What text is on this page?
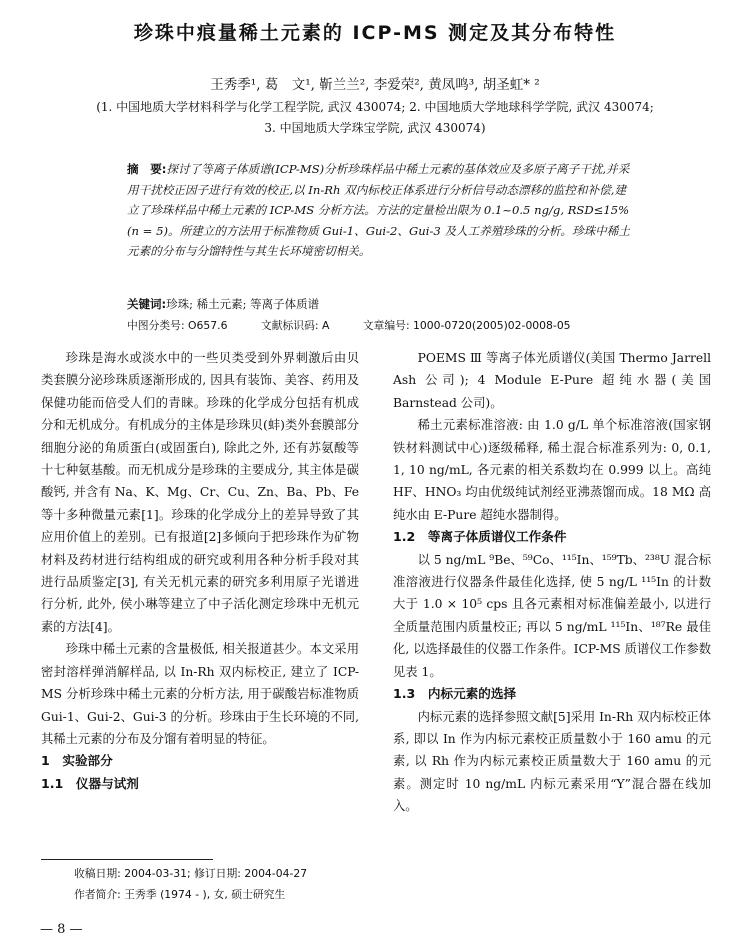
珍珠中痕量稀土元素的 ICP-MS 测定及其分布特性
王秀季¹, 葛　文¹, 靳兰兰², 李爱荣², 黄凤鸣³, 胡圣虹* ²
(1. 中国地质大学材料科学与化学工程学院, 武汉 430074; 2. 中国地质大学地球科学学院, 武汉 430074;
3. 中国地质大学珠宝学院, 武汉 430074)
摘　要:探讨了等离子体质谱(ICP-MS)分析珍珠样品中稀土元素的基体效应及多原子离子干扰,并采用干扰校正因子进行有效的校正,以 In-Rh 双内标校正体系进行分析信号动态漂移的监控和补偿,建立了珍珠样品中稀土元素的 ICP-MS 分析方法。方法的定量检出限为 0.1~0.5 ng/g, RSD≤15% (n = 5)。所建立的方法用于标准物质 Gui-1、Gui-2、Gui-3 及人工养殖珍珠的分析。珍珠中稀土元素的分布与分馏特性与其生长环境密切相关。
关键词:珍珠; 稀土元素; 等离子体质谱
中图分类号: O657.6	文献标识码: A	文章编号: 1000-0720(2005)02-0008-05

珍珠是海水或淡水中的一些贝类受到外界刺激后由贝类套膜分泌珍珠质逐渐形成的, 因具有装饰、美容、药用及保健功能而倍受人们的青睐。珍珠的化学成分包括有机成分和无机成分。有机成分的主体是珍珠贝(蚌)类外套膜部分细胞分泌的角质蛋白(或固蛋白), 除此之外, 还有苏氨酸等十七种氨基酸。而无机成分是珍珠的主要成分, 其主体是碳酸钙, 并含有 Na、K、Mg、Cr、Cu、Zn、Ba、Pb、Fe 等十多种微量元素[1]。珍珠的化学成分上的差异导致了其应用价值上的差别。已有报道[2]多倾向于把珍珠作为矿物材料及药材进行结构组成的研究或利用各种分析手段对其进行品质鉴定[3], 有关无机元素的研究多利用原子光谱进行分析, 此外, 侯小琳等建立了中子活化测定珍珠中无机元素的方法[4]。

珍珠中稀土元素的含量极低, 相关报道甚少。本文采用密封溶样弹消解样品, 以 In-Rh 双内标校正, 建立了 ICP-MS 分析珍珠中稀土元素的分析方法, 用于碳酸岩标准物质 Gui-1、Gui-2、Gui-3 的分析。珍珠由于生长环境的不同, 其稀土元素的分布及分馏有着明显的特征。

1　实验部分
1.1　仪器与试剂

POEMS Ⅲ 等离子体光质谱仪(美国 Thermo Jarrell Ash 公司); 4 Module E-Pure 超纯水器(美国 Barnstead 公司)。

稀土元素标准溶液: 由 1.0 g/L 单个标准溶液(国家钢铁材料测试中心)逐级稀释, 稀土混合标准系列为: 0, 0.1, 1, 10 ng/mL, 各元素的相关系数均在 0.999 以上。高纯 HF、HNO₃ 均由优级纯试剂经亚沸蒸馏而成。18 MΩ 高纯水由 E-Pure 超纯水器制得。

1.2　等离子体质谱仪工作条件

以 5 ng/mL ⁹Be、⁵⁹Co、¹¹⁵In、¹⁵⁹Tb、²³⁸U 混合标准溶液进行仪器条件最佳化选择, 使 5 ng/L ¹¹⁵In 的计数大于 1.0 × 10⁵ cps 且各元素相对标准偏差最小, 以进行全质量范围内质量校正; 再以 5 ng/mL ¹¹⁵In、¹⁸⁷Re 最佳化, 以选择最佳的仪器工作条件。ICP-MS 质谱仪工作参数见表 1。

1.3　内标元素的选择

内标元素的选择参照文献[5]采用 In-Rh 双内标校正体系, 即以 In 作为内标元素校正质量数小于 160 amu 的元素, 以 Rh 作为内标元素校正质量数大于 160 amu 的元素。测定时 10 ng/mL 内标元素采用“Y”混合器在线加入。

收稿日期: 2004-03-31; 修订日期: 2004-04-27
作者简介: 王秀季 (1974 - ), 女, 硕士研究生
— 8 —
